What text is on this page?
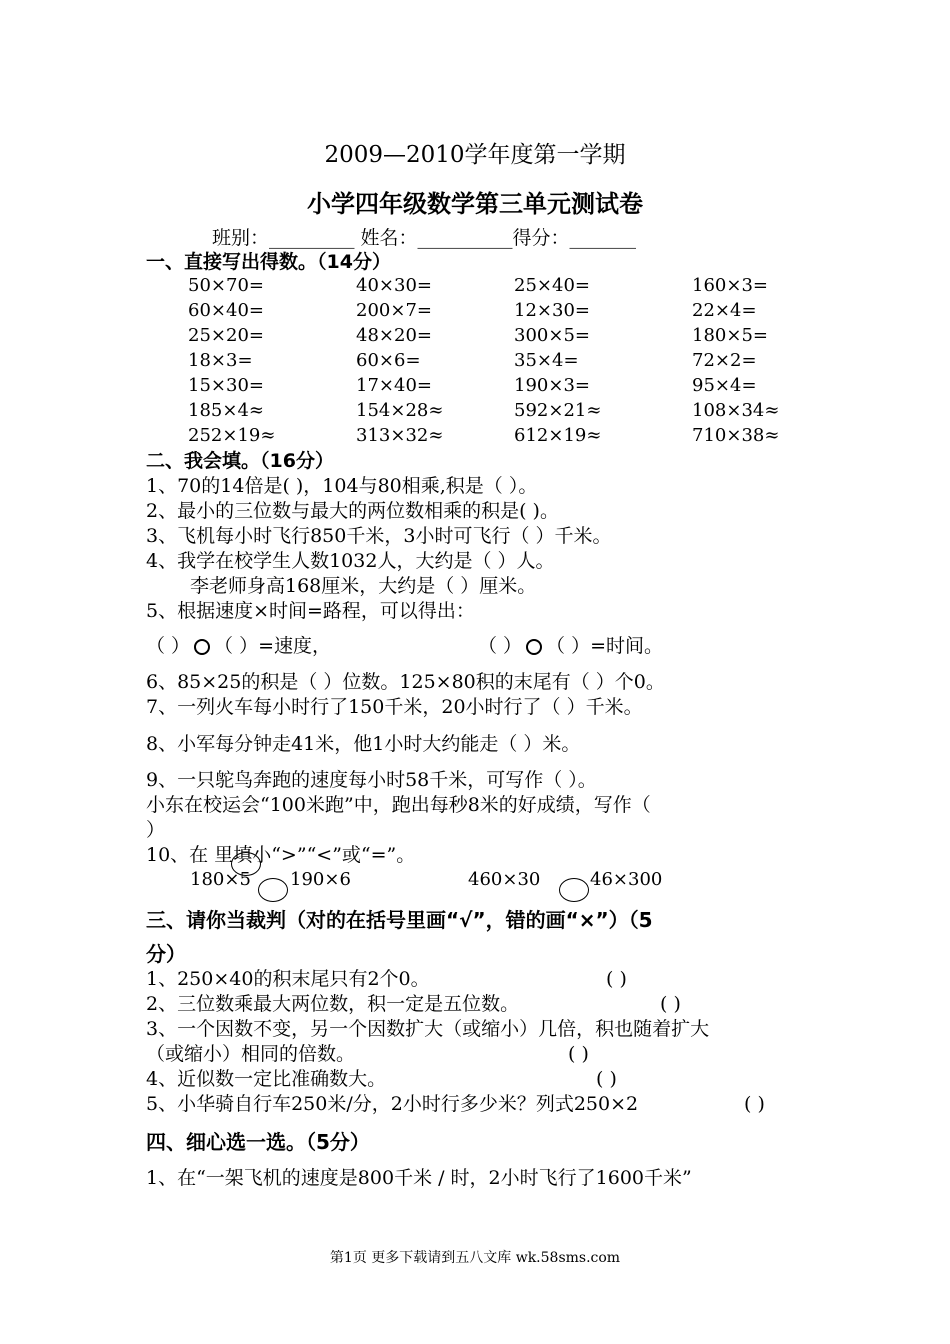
2009—2010学年度第一学期
小学四年级数学第三单元测试卷
班别：_________ 姓名：__________得分：_______
一、直接写出得数。（14分）
50×70=	40×30=	25×40=	160×3=
60×40=	200×7=	12×30=	22×4=
25×20=	48×20=	300×5=	180×5=
18×3=	60×6=	35×4=	72×2=
15×30=	17×40=	190×3=	95×4=
185×4≈	154×28≈	592×21≈	108×34≈
252×19≈	313×32≈	612×19≈	710×38≈
二、我会填。（16分）
1、70的14倍是( )，104与80相乘,积是（ ）。
2、最小的三位数与最大的两位数相乘的积是( )。
3、飞机每小时飞行850千米，3小时可飞行（ ）千米。
4、我学在校学生人数1032人，大约是（ ）人。
李老师身高168厘米，大约是（ ）厘米。
5、根据速度×时间=路程，可以得出：
（ ） （ ）=速度，	（ ） （ ）=时间。
6、85×25的积是（ ）位数。125×80积的末尾有（ ）个0。
7、一列火车每小时行了150千米，20小时行了（ ）千米。
8、小军每分钟走41米，他1小时大约能走（ ）米。
9、一只鸵鸟奔跑的速度每小时58千米，可写作（ ）。
小东在校运会“100米跑”中，跑出每秒8米的好成绩，写作（
）
10、在 里填小“>”“<”或“=”。
180×5 190×6	460×30	46×300
三、请你当裁判（对的在括号里画“√”，错的画“×”）（5
分）
1、250×40的积末尾只有2个0。	( )
2、三位数乘最大两位数，积一定是五位数。	( )
3、一个因数不变，另一个因数扩大（或缩小）几倍，积也随着扩大
（或缩小）相同的倍数。	( )
4、近似数一定比准确数大。	( )
5、小华骑自行车250米/分，2小时行多少米？列式250×2	( )
四、细心选一选。（5分）
1、在“一架飞机的速度是800千米 / 时，2小时飞行了1600千米”
第1页 更多下载请到五八文库 wk.58sms.com
